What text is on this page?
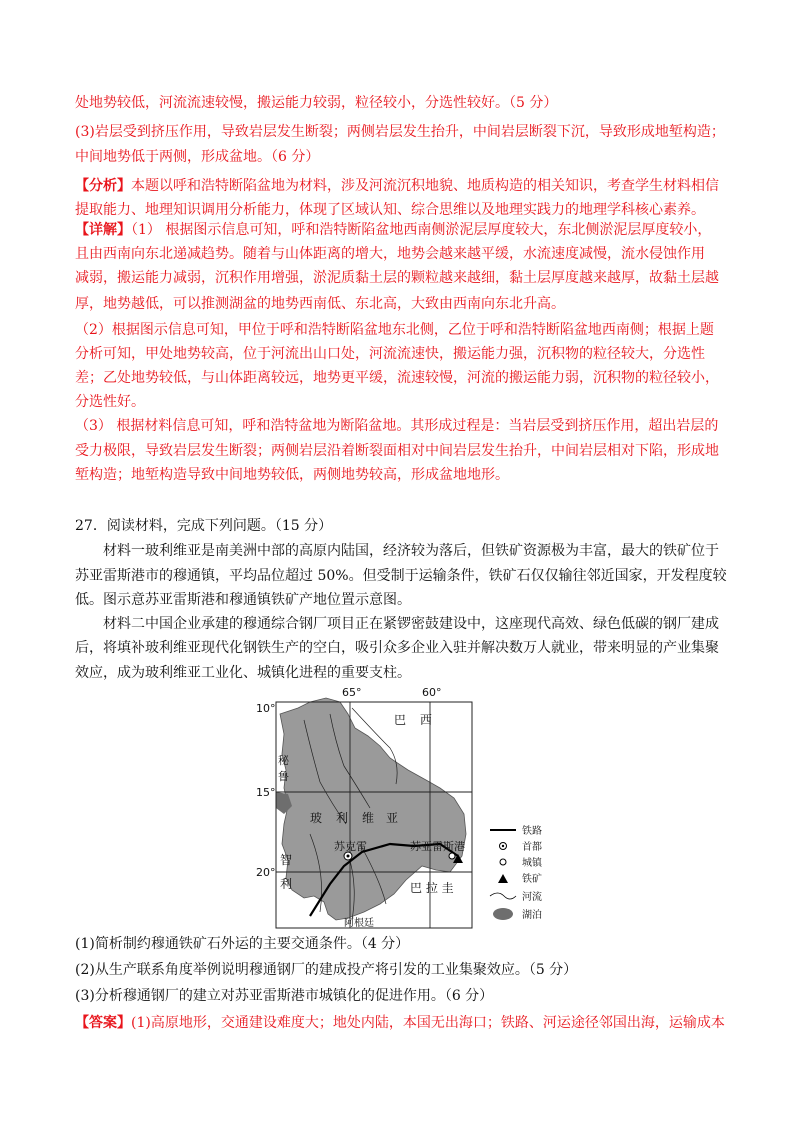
处地势较低，河流流速较慢，搬运能力较弱，粒径较小，分选性较好。（5 分）
(3)岩层受到挤压作用，导致岩层发生断裂；两侧岩层发生抬升，中间岩层断裂下沉，导致形成地堑构造；
中间地势低于两侧，形成盆地。（6 分）
【分析】本题以呼和浩特断陷盆地为材料，涉及河流沉积地貌、地质构造的相关知识，考查学生材料相信
提取能力、地理知识调用分析能力，体现了区域认知、综合思维以及地理实践力的地理学科核心素养。
【详解】（1） 根据图示信息可知，呼和浩特断陷盆地西南侧淤泥层厚度较大，东北侧淤泥层厚度较小，
且由西南向东北递减趋势。随着与山体距离的增大，地势会越来越平缓，水流速度减慢，流水侵蚀作用
减弱，搬运能力减弱，沉积作用增强，淤泥质黏土层的颗粒越来越细，黏土层厚度越来越厚，故黏土层越
厚，地势越低，可以推测湖盆的地势西南低、东北高，大致由西南向东北升高。
（2）根据图示信息可知，甲位于呼和浩特断陷盆地东北侧，乙位于呼和浩特断陷盆地西南侧；根据上题
分析可知，甲处地势较高，位于河流出山口处，河流流速快，搬运能力强，沉积物的粒径较大，分选性
差；乙处地势较低，与山体距离较远，地势更平缓，流速较慢，河流的搬运能力弱，沉积物的粒径较小，
分选性好。
（3） 根据材料信息可知，呼和浩特盆地为断陷盆地。其形成过程是：当岩层受到挤压作用，超出岩层的
受力极限，导致岩层发生断裂；两侧岩层沿着断裂面相对中间岩层发生抬升，中间岩层相对下陷，形成地
堑构造；地堑构造导致中间地势较低，两侧地势较高，形成盆地地形。
27．阅读材料，完成下列问题。（15 分）
材料一玻利维亚是南美洲中部的高原内陆国，经济较为落后，但铁矿资源极为丰富，最大的铁矿位于
苏亚雷斯港市的穆通镇，平均品位超过 50%。但受制于运输条件，铁矿石仅仅输往邻近国家，开发程度较
低。图示意苏亚雷斯港和穆通镇铁矿产地位置示意图。
材料二中国企业承建的穆通综合钢厂项目正在紧锣密鼓建设中，这座现代高效、绿色低碳的钢厂建成
后，将填补玻利维亚现代化钢铁生产的空白，吸引众多企业入驻并解决数万人就业，带来明显的产业集聚
效应，成为玻利维亚工业化、城镇化进程的重要支柱。
65°	60°
10°
15°
20°
巴 西
秘
鲁
玻 利 维 亚
智
利	巴 拉 圭
阿根廷
苏克雷	苏亚雷斯港
铁路
首都
城镇
铁矿
河流
湖泊
(1)简析制约穆通铁矿石外运的主要交通条件。（4 分）
(2)从生产联系角度举例说明穆通钢厂的建成投产将引发的工业集聚效应。（5 分）
(3)分析穆通钢厂的建立对苏亚雷斯港市城镇化的促进作用。（6 分）
【答案】(1)高原地形，交通建设难度大；地处内陆，本国无出海口；铁路、河运途径邻国出海，运输成本
